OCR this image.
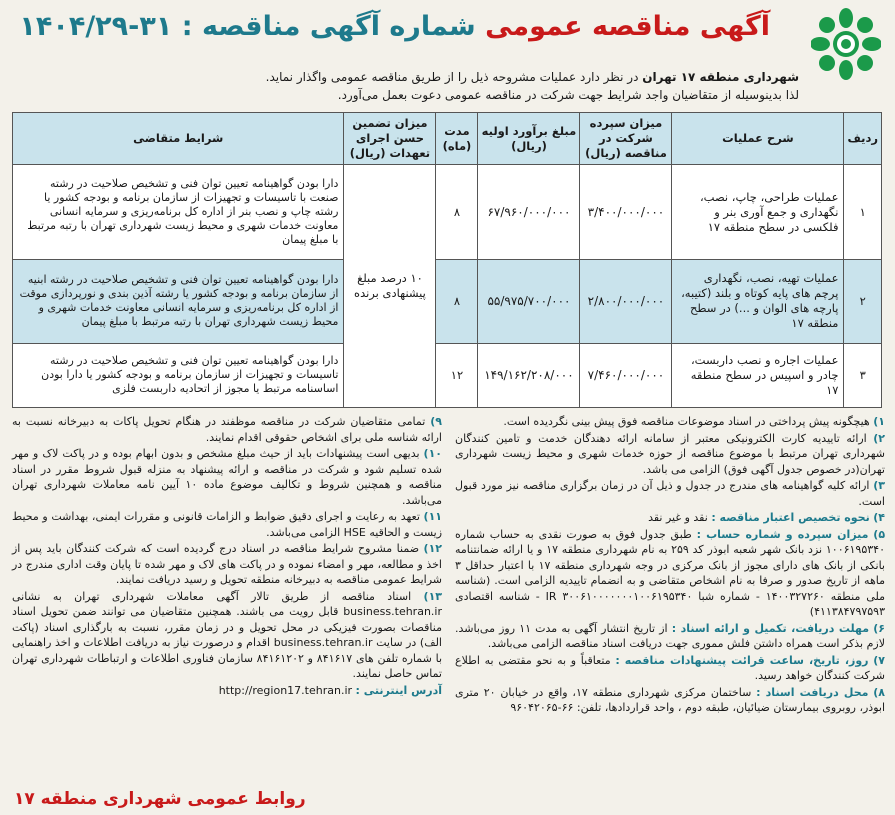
آگهی مناقصه عمومی شماره آگهی مناقصه : ۳۱-۱۴۰۴/۲۹
شهرداری منطقه ۱۷ تهران در نظر دارد عملیات مشروحه ذیل را از طریق مناقصه عمومی واگذار نماید.
لذا بدینوسیله از متقاضیان واجد شرایط جهت شرکت در مناقصه عمومی دعوت بعمل می‌آورد.
ردیف	شرح عملیات	میزان سپرده شرکت در مناقصه (ریال)	مبلغ برآورد اولیه (ریال)	مدت (ماه)	میزان تضمین حسن اجرای تعهدات (ریال)	شرایط متقاضی
۱	عملیات طراحی، چاپ، نصب، نگهداری و جمع آوری بنر و فلکسی در سطح منطقه ۱۷	۳/۴۰۰/۰۰۰/۰۰۰	۶۷/۹۶۰/۰۰۰/۰۰۰	۸	۱۰ درصد مبلغ پیشنهادی برنده	دارا بودن گواهینامه تعیین توان فنی و تشخیص صلاحیت در رشته صنعت با تاسیسات و تجهیزات از سازمان برنامه و بودجه کشور یا رشته چاپ و نصب بنر از اداره کل برنامه‌ریزی و سرمایه انسانی معاونت خدمات شهری و محیط زیست شهرداری تهران با رتبه مرتبط با مبلغ پیمان
۲	عملیات تهیه، نصب، نگهداری پرچم های پایه کوتاه و بلند (کتیبه، پارچه های الوان و ...) در سطح منطقه ۱۷	۲/۸۰۰/۰۰۰/۰۰۰	۵۵/۹۷۵/۷۰۰/۰۰۰	۸		دارا بودن گواهینامه تعیین توان فنی و تشخیص صلاحیت در رشته ابنیه از سازمان برنامه و بودجه کشور یا رشته آذین بندی و نورپردازی موقت از اداره کل برنامه‌ریزی و سرمایه انسانی معاونت خدمات شهری و محیط زیست شهرداری تهران با رتبه مرتبط با مبلغ پیمان
۳	عملیات اجاره و نصب داربست، چادر و اسپیس در سطح منطقه ۱۷	۷/۴۶۰/۰۰۰/۰۰۰	۱۴۹/۱۶۲/۲۰۸/۰۰۰	۱۲		دارا بودن گواهینامه تعیین توان فنی و تشخیص صلاحیت در رشته تاسیسات و تجهیزات از سازمان برنامه و بودجه کشور یا دارا بودن اساسنامه مرتبط یا مجوز از اتحادیه داربست فلزی
۱) هیچگونه پیش پرداختی در اسناد موضوعات مناقصه فوق پیش بینی نگردیده است.
۲) ارائه تاییدیه کارت الکترونیکی معتبر از سامانه ارائه دهندگان خدمت و تامین کنندگان شهرداری تهران مرتبط با موضوع مناقصه از حوزه خدمات شهری و محیط زیست شهرداری تهران(در خصوص جدول آگهی فوق) الزامی می باشد.
۳) ارائه کلیه گواهینامه های مندرج در جدول و ذیل آن در زمان برگزاری مناقصه نیز مورد قبول است.
۴) نحوه تخصیص اعتبار مناقصه : نقد و غیر نقد
۵) میزان سپرده و شماره حساب : طبق جدول فوق به صورت نقدی به حساب شماره ۱۰۰۶۱۹۵۳۴۰ نزد بانک شهر شعبه ابوذر کد ۲۵۹ به نام شهرداری منطقه ۱۷ و یا ارائه ضمانتنامه بانکی از بانک های دارای مجوز از بانک مرکزی در وجه شهرداری منطقه ۱۷ با اعتبار حداقل ۳ ماهه از تاریخ صدور و صرفا به نام اشخاص متقاضی و به انضمام تاییدیه الزامی است. (شناسه ملی منطقه ۱۴۰۰۳۲۷۲۶۰ - شماره شبا IR ۳۰۰۶۱۰۰۰۰۰۰۰۱۰۰۶۱۹۵۳۴۰ - شناسه اقتصادی ۴۱۱۳۸۴۷۹۷۵۹۳)
۶) مهلت دریافت، تکمیل و ارائه اسناد : از تاریخ انتشار آگهی به مدت ۱۱ روز می‌باشد. لازم بذکر است همراه داشتن فلش مموری جهت دریافت اسناد مناقصه الزامی می‌باشد.
۷) روز، تاریخ، ساعت قرائت پیشنهادات مناقصه : متعاقباً و به نحو مقتضی به اطلاع شرکت کنندگان خواهد رسید.
۸) محل دریافت اسناد : ساختمان مرکزی شهرداری منطقه ۱۷، واقع در خیابان ۲۰ متری ابوذر، روبروی بیمارستان ضیائیان، طبقه دوم ، واحد قراردادها، تلفن: ۶۶-۹۶۰۴۲۰۶۵
۹) تمامی متقاضیان شرکت در مناقصه موظفند در هنگام تحویل پاکات به دبیرخانه نسبت به ارائه شناسه ملی برای اشخاص حقوقی اقدام نمایند.
۱۰) بدیهی است پیشنهادات باید از حیث مبلغ مشخص و بدون ابهام بوده و در پاکت لاک و مهر شده تسلیم شود و شرکت در مناقصه و ارائه پیشنهاد به منزله قبول شروط مقرر در اسناد مناقصه و همچنین شروط و تکالیف موضوع ماده ۱۰ آیین نامه معاملات شهرداری تهران می‌باشد.
۱۱) تعهد به رعایت و اجرای دقیق ضوابط و الزامات قانونی و مقررات ایمنی، بهداشت و محیط زیست و الحاقیه HSE الزامی می‌باشد.
۱۲) ضمنا مشروح شرایط مناقصه در اسناد درج گردیده است که شرکت کنندگان باید پس از اخذ و مطالعه، مهر و امضاء نموده و در پاکت های لاک و مهر شده تا پایان وقت اداری مندرج در شرایط عمومی مناقصه به دبیرخانه منطقه تحویل و رسید دریافت نمایند.
۱۳) اسناد مناقصه از طریق تالار آگهی معاملات شهرداری تهران به نشانی business.tehran.ir قابل رویت می باشند. همچنین متقاضیان می توانند ضمن تحویل اسناد مناقصات بصورت فیزیکی در محل تحویل و در زمان مقرر، نسبت به بارگذاری اسناد (پاکت الف) در سایت business.tehran.ir اقدام و درصورت نیاز به دریافت اطلاعات و اخذ راهنمایی با شماره تلفن های ۸۴۱۶۱۷ و ۸۴۱۶۱۲۰۲ سازمان فناوری اطلاعات و ارتباطات شهرداری تهران تماس حاصل نمایند.
آدرس اینترنتی : http://region17.tehran.ir
روابط عمومی شهرداری منطقه ۱۷
